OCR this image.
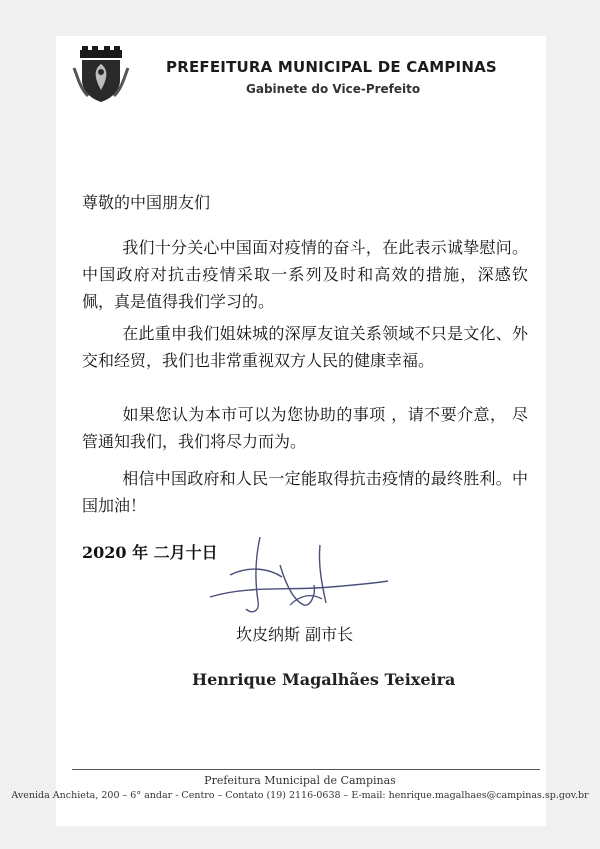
PREFEITURA MUNICIPAL DE CAMPINAS
Gabinete do Vice-Prefeito
尊敬的中国朋友们
我们十分关心中国面对疫情的奋斗，在此表示诚挚慰问。中国政府对抗击疫情采取一系列及时和高效的措施，深感钦佩，真是值得我们学习的。
在此重申我们姐妹城的深厚友谊关系领域不只是文化、外交和经贸，我们也非常重视双方人民的健康幸福。
如果您认为本市可以为您协助的事项 ，请不要介意， 尽管通知我们，我们将尽力而为。
相信中国政府和人民一定能取得抗击疫情的最终胜利。中国加油！
2020 年 二月十日
坎皮纳斯 副市长
Henrique Magalhães Teixeira
Prefeitura Municipal de Campinas
Avenida Anchieta, 200 – 6° andar - Centro – Contato (19) 2116-0638 – E-mail: henrique.magalhaes@campinas.sp.gov.br
